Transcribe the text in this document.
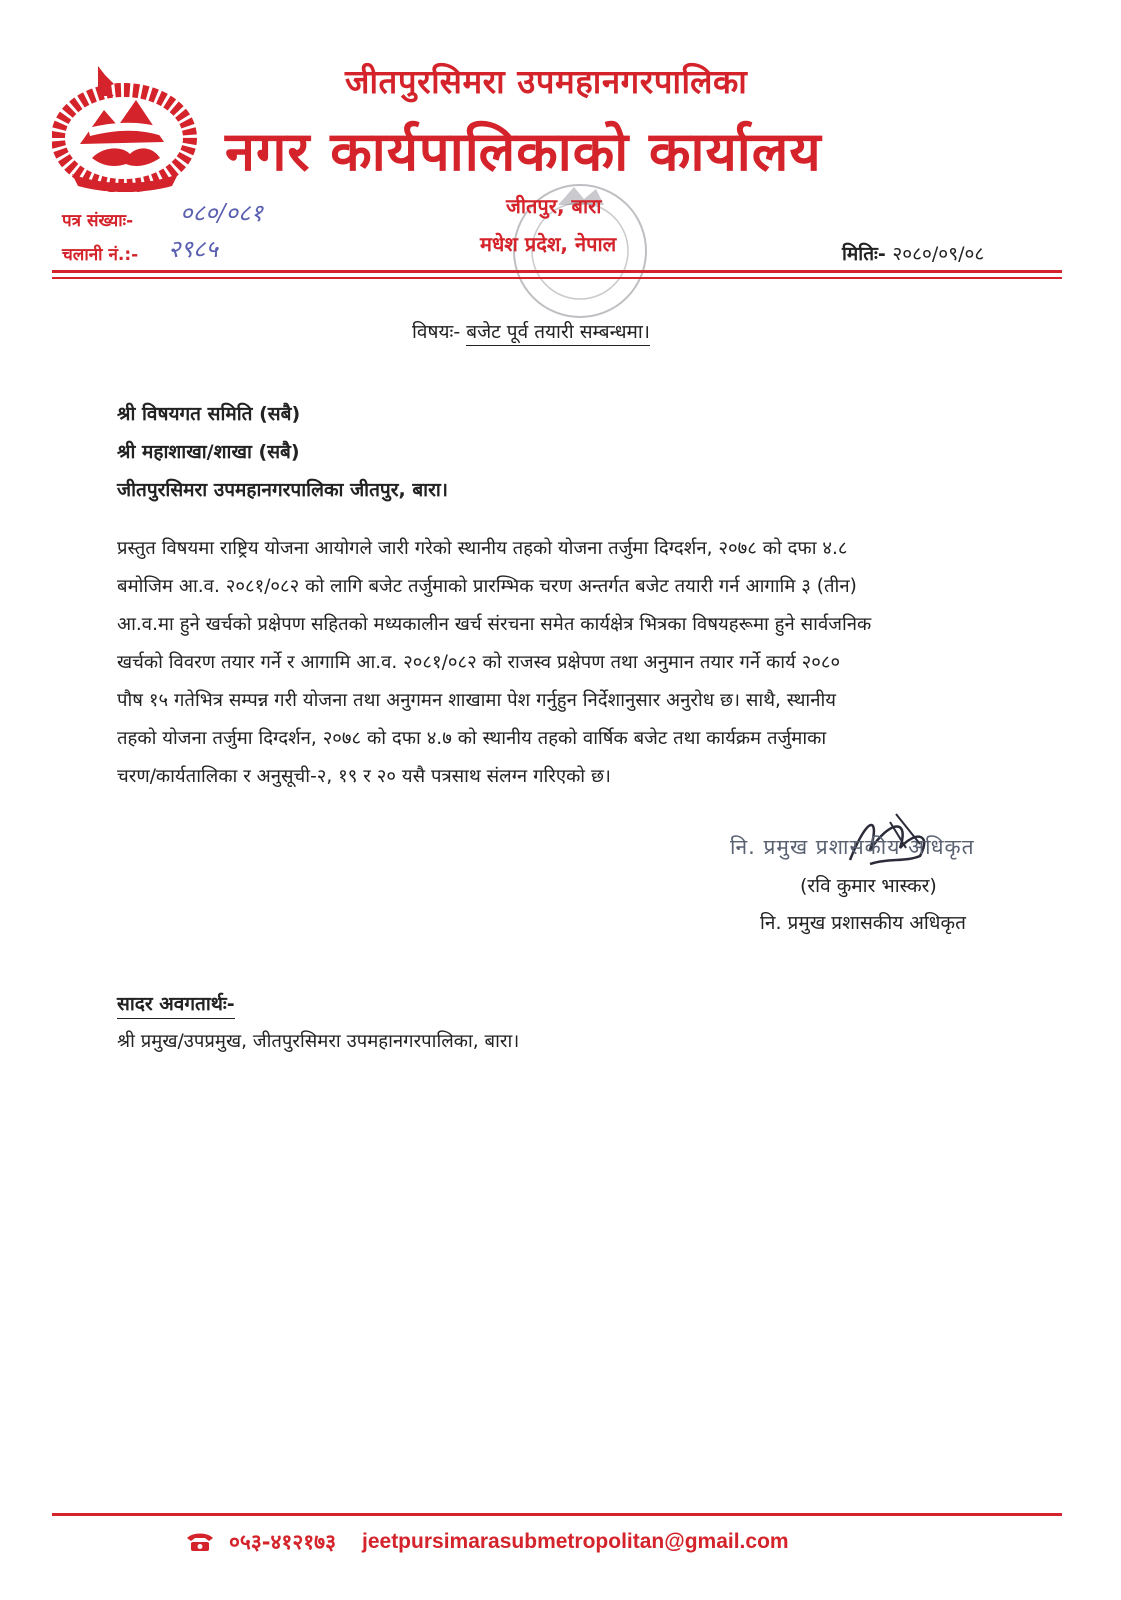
जीतपुरसिमरा उपमहानगरपालिका
नगर कार्यपालिकाको कार्यालय
पत्र संख्याः- ०८०/०८१
चलानी नं.:- २९८५
जीतपुर, बारा
मधेश प्रदेश, नेपाल	मितिः- २०८०/०९/०८
विषयः- बजेट पूर्व तयारी सम्बन्धमा।
श्री विषयगत समिति (सबै)
श्री महाशाखा/शाखा (सबै)
जीतपुरसिमरा उपमहानगरपालिका जीतपुर, बारा।
प्रस्तुत विषयमा राष्ट्रिय योजना आयोगले जारी गरेको स्थानीय तहको योजना तर्जुमा दिग्दर्शन, २०७८ को दफा ४.८
बमोजिम आ.व. २०८१/०८२ को लागि बजेट तर्जुमाको प्रारम्भिक चरण अन्तर्गत बजेट तयारी गर्न आगामि ३ (तीन)
आ.व.मा हुने खर्चको प्रक्षेपण सहितको मध्यकालीन खर्च संरचना समेत कार्यक्षेत्र भित्रका विषयहरूमा हुने सार्वजनिक
खर्चको विवरण तयार गर्ने र आगामि आ.व. २०८१/०८२ को राजस्व प्रक्षेपण तथा अनुमान तयार गर्ने कार्य २०८०
पौष १५ गतेभित्र सम्पन्न गरी योजना तथा अनुगमन शाखामा पेश गर्नुहुन निर्देशानुसार अनुरोध छ। साथै, स्थानीय
तहको योजना तर्जुमा दिग्दर्शन, २०७८ को दफा ४.७ को स्थानीय तहको वार्षिक बजेट तथा कार्यक्रम तर्जुमाका
चरण/कार्यतालिका र अनुसूची-२, १९ र २० यसै पत्रसाथ संलग्न गरिएको छ।
नि. प्रमुख प्रशासकीय अधिकृत
(रवि कुमार भास्कर)
नि. प्रमुख प्रशासकीय अधिकृत
सादर अवगतार्थः-
श्री प्रमुख/उपप्रमुख, जीतपुरसिमरा उपमहानगरपालिका, बारा।
०५३-४१२१७३ jeetpursimarasubmetropolitan@gmail.com
